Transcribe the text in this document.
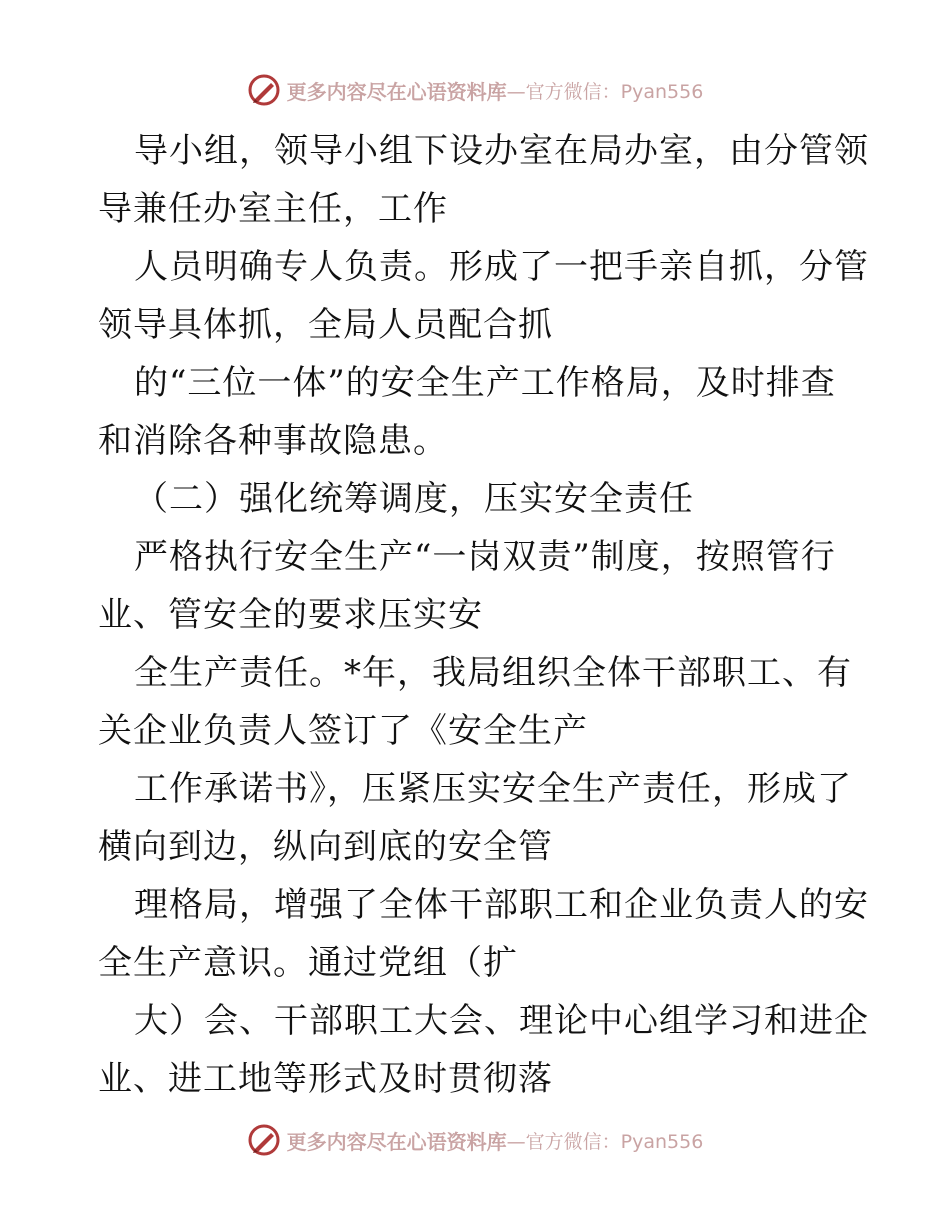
更多内容尽在心语资料库 —官方微信：Pyan556
导小组，领导小组下设办室在局办室，由分管领
导兼任办室主任，工作
人员明确专人负责。形成了一把手亲自抓，分管
领导具体抓，全局人员配合抓
的“三位一体”的安全生产工作格局，及时排查
和消除各种事故隐患。
（二）强化统筹调度，压实安全责任
严格执行安全生产“一岗双责”制度，按照管行
业、管安全的要求压实安
全生产责任。*年，我局组织全体干部职工、有
关企业负责人签订了《安全生产
工作承诺书》，压紧压实安全生产责任，形成了
横向到边，纵向到底的安全管
理格局，增强了全体干部职工和企业负责人的安
全生产意识。通过党组（扩
大）会、干部职工大会、理论中心组学习和进企
业、进工地等形式及时贯彻落
更多内容尽在心语资料库 —官方微信：Pyan556
